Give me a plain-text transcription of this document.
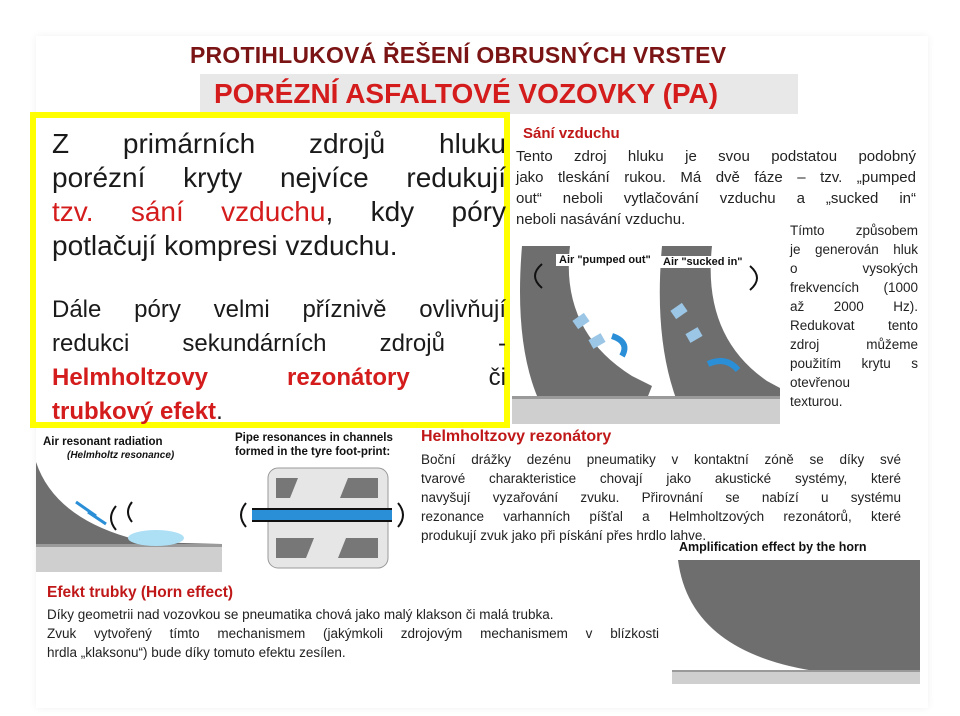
PROTIHLUKOVÁ ŘEŠENÍ OBRUSNÝCH VRSTEV
PORÉZNÍ ASFALTOVÉ VOZOVKY (PA)
Z primárních zdrojů hluku
porézní kryty nejvíce redukují
tzv. sání vzduchu, kdy póry
potlačují kompresi vzduchu.
Dále póry velmi příznivě ovlivňují
redukci sekundárních zdrojů -
Helmholtzovy rezonátory	či
trubkový efekt.
Sání vzduchu
Tento zdroj hluku je svou podstatou podobný
jako tleskání rukou. Má dvě fáze – tzv. „pumped
out“ neboli vytlačování vzduchu a „sucked in“
neboli nasávání vzduchu.
Tímto způsobem
je generován hluk
o vysokých
frekvencích (1000
až 2000 Hz).
Redukovat tento
zdroj můžeme
použitím krytu s
otevřenou
texturou.
Air "pumped out" Air "sucked in"
Air resonant radiation
(Helmholtz resonance)
Pipe resonances in channels
formed in the tyre foot-print:
Helmholtzovy rezonátory
Boční drážky dezénu pneumatiky v kontaktní zóně se díky své
tvarové charakteristice chovají jako akustické systémy, které
navyšují vyzařování zvuku. Přirovnání se nabízí u systému
rezonance varhanních píšťal a Helmholtzových rezonátorů, které
Amplification effect by the horn
produkují zvuk jako při pískání přes hrdlo lahve.
Efekt trubky (Horn effect)
Díky geometrii nad vozovkou se pneumatika chová jako malý klakson či malá trubka.
Zvuk vytvořený tímto mechanismem (jakýmkoli zdrojovým mechanismem v blízkosti
hrdla „klaksonu“) bude díky tomuto efektu zesílen.
